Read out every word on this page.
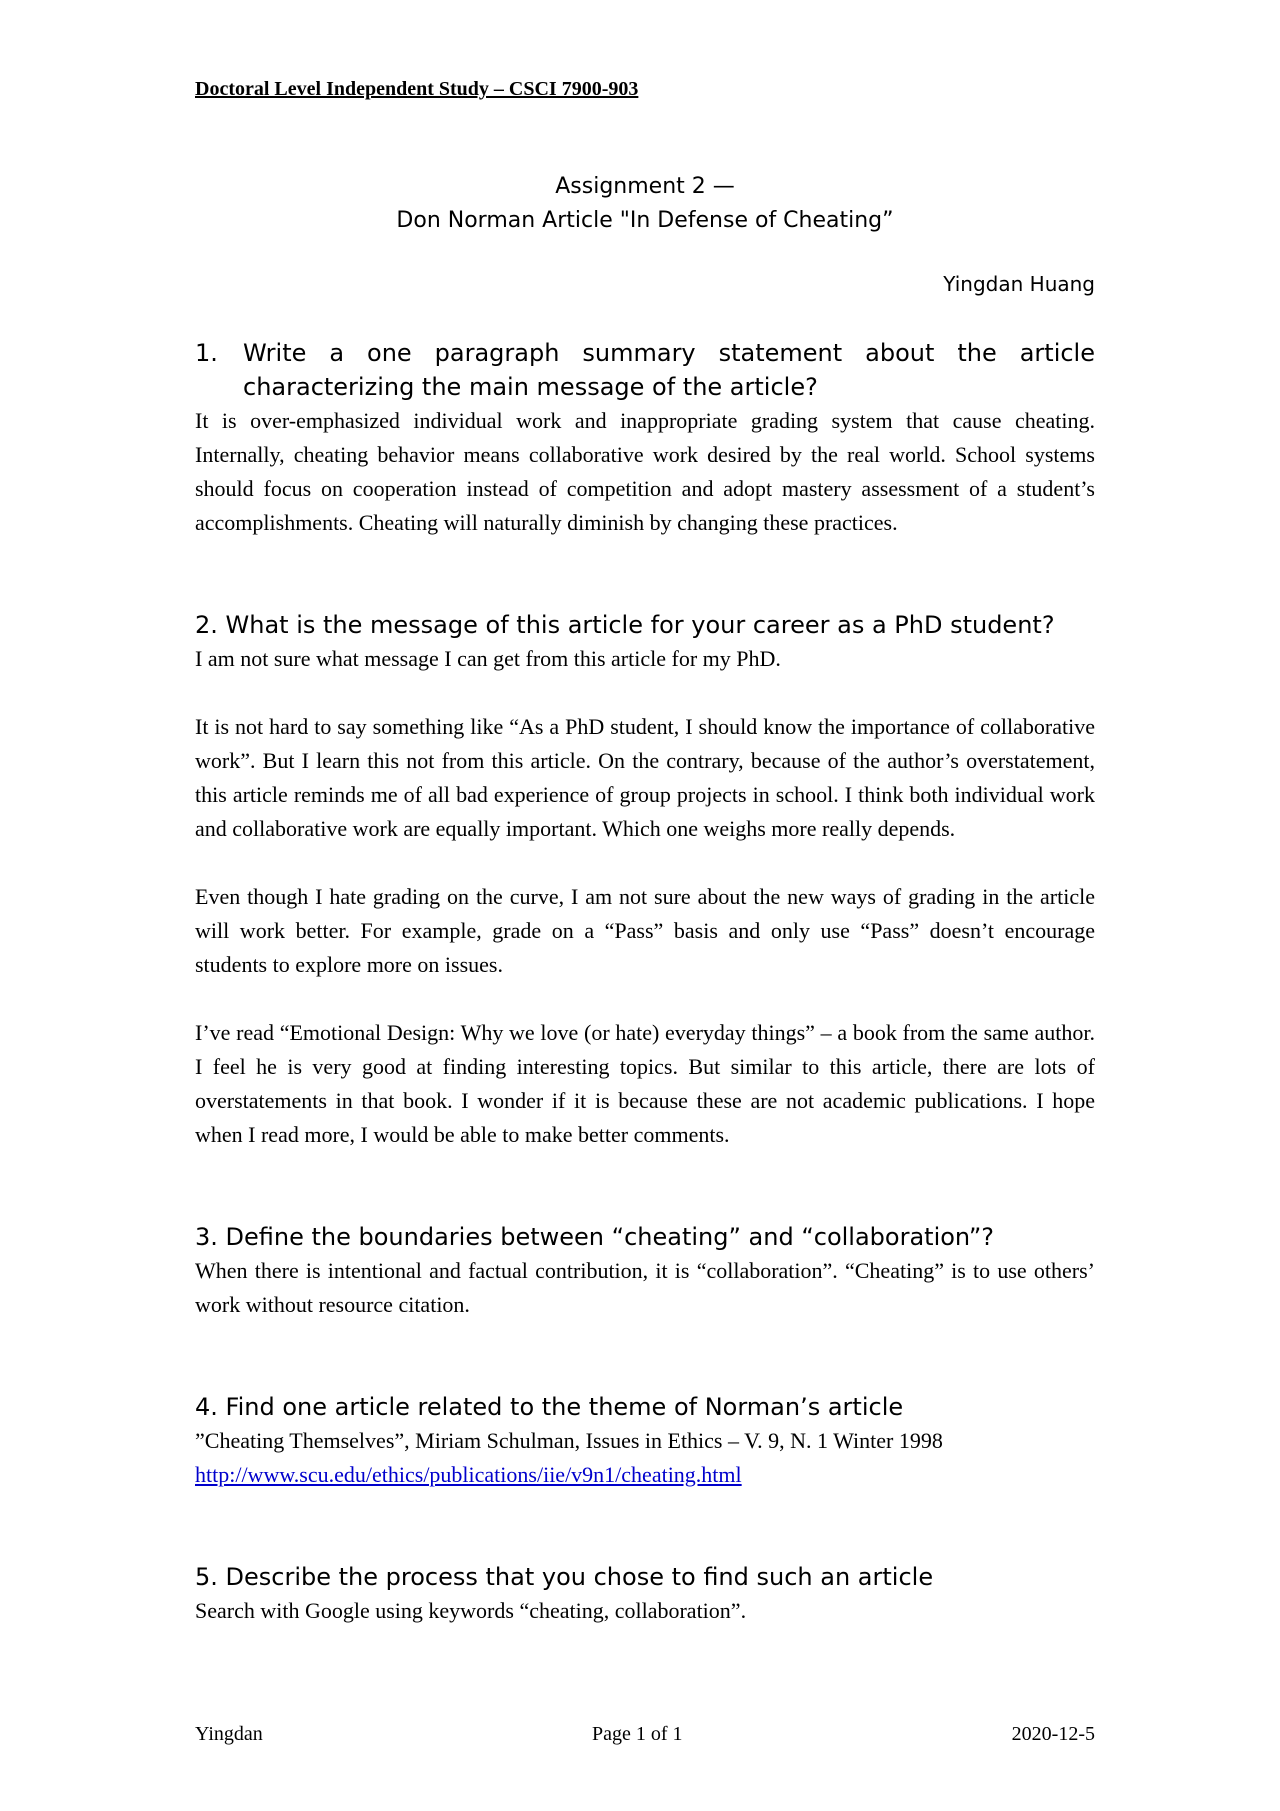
Doctoral Level Independent Study – CSCI 7900-903
Assignment 2 —
Don Norman Article "In Defense of Cheating”
Yingdan Huang
1.	Write a one paragraph summary statement about the article
characterizing the main message of the article?

It is over-emphasized individual work and inappropriate grading system that cause cheating. Internally, cheating behavior means collaborative work desired by the real world. School systems should focus on cooperation instead of competition and adopt mastery assessment of a student’s accomplishments. Cheating will naturally diminish by changing these practices.

2. What is the message of this article for your career as a PhD student?

I am not sure what message I can get from this article for my PhD.

It is not hard to say something like “As a PhD student, I should know the importance of collaborative work”. But I learn this not from this article. On the contrary, because of the author’s overstatement, this article reminds me of all bad experience of group projects in school. I think both individual work and collaborative work are equally important. Which one weighs more really depends.

Even though I hate grading on the curve, I am not sure about the new ways of grading in the article will work better. For example, grade on a “Pass” basis and only use “Pass” doesn’t encourage students to explore more on issues.

I’ve read “Emotional Design: Why we love (or hate) everyday things” – a book from the same author. I feel he is very good at finding interesting topics. But similar to this article, there are lots of overstatements in that book. I wonder if it is because these are not academic publications. I hope when I read more, I would be able to make better comments.

3. Define the boundaries between “cheating” and “collaboration”?

When there is intentional and factual contribution, it is “collaboration”. “Cheating” is to use others’ work without resource citation.

4. Find one article related to the theme of Norman’s article

”Cheating Themselves”, Miriam Schulman, Issues in Ethics – V. 9, N. 1 Winter 1998

http://www.scu.edu/ethics/publications/iie/v9n1/cheating.html

5. Describe the process that you chose to find such an article

Search with Google using keywords “cheating, collaboration”.

Yingdan	Page 1 of 1	2020-12-5
